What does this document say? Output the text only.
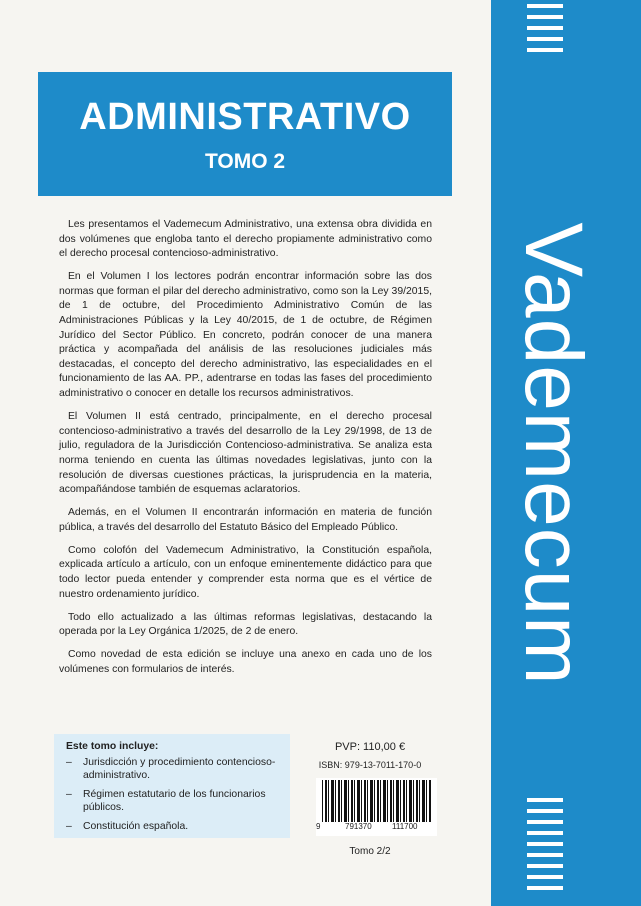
Vademecum
ADMINISTRATIVO
TOMO 2

Les presentamos el Vademecum Administrativo, una extensa obra dividida en dos volúmenes que engloba tanto el derecho propiamente administrativo como el derecho procesal contencioso-administrativo.

En el Volumen I los lectores podrán encontrar información sobre las dos normas que forman el pilar del derecho administrativo, como son la Ley 39/2015, de 1 de octubre, del Procedimiento Administrativo Común de las Administraciones Públicas y la Ley 40/2015, de 1 de octubre, de Régimen Jurídico del Sector Público. En concreto, podrán conocer de una manera práctica y acompañada del análisis de las resoluciones judiciales más destacadas, el concepto del derecho administrativo, las especialidades en el funcionamiento de las AA. PP., adentrarse en todas las fases del procedimiento administrativo o conocer en detalle los recursos administrativos.

El Volumen II está centrado, principalmente, en el derecho procesal contencioso-administrativo a través del desarrollo de la Ley 29/1998, de 13 de julio, reguladora de la Jurisdicción Contencioso-administrativa. Se analiza esta norma teniendo en cuenta las últimas novedades legislativas, junto con la resolución de diversas cuestiones prácticas, la jurisprudencia en la materia, acompañándose también de esquemas aclaratorios.

Además, en el Volumen II encontrarán información en materia de función pública, a través del desarrollo del Estatuto Básico del Empleado Público.

Como colofón del Vademecum Administrativo, la Constitución española, explicada artículo a artículo, con un enfoque eminentemente didáctico para que todo lector pueda entender y comprender esta norma que es el vértice de nuestro ordenamiento jurídico.

Todo ello actualizado a las últimas reformas legislativas, destacando la operada por la Ley Orgánica 1/2025, de 2 de enero.

Como novedad de esta edición se incluye una anexo en cada uno de los volúmenes con formularios de interés.

Este tomo incluye:
– Jurisdicción y procedimiento contencioso-administrativo.
– Régimen estatutario de los funcionarios públicos.
– Constitución española.
PVP: 110,00 €
ISBN: 979-13-7011-170-0
9	791370	111700
Tomo 2/2
